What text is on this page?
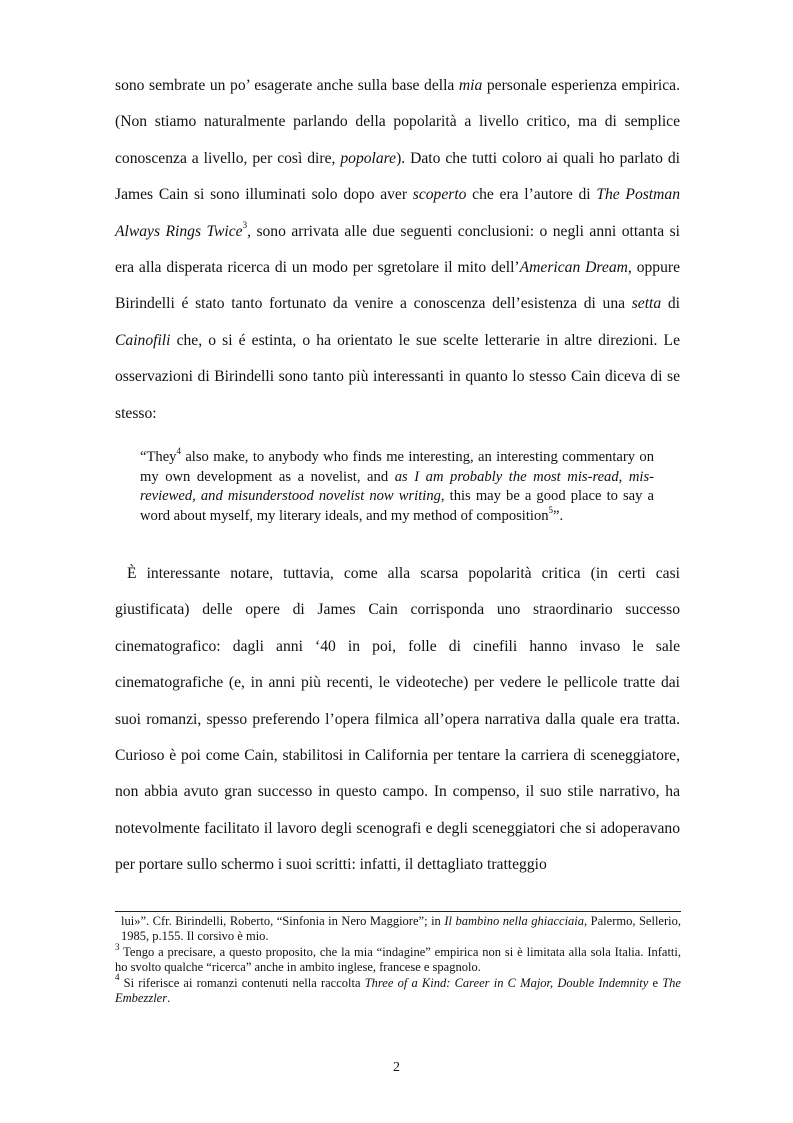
sono sembrate un po’ esagerate anche sulla base della mia personale esperienza empirica. (Non stiamo naturalmente parlando della popolarità a livello critico, ma di semplice conoscenza a livello, per così dire, popolare). Dato che tutti coloro ai quali ho parlato di James Cain si sono illuminati solo dopo aver scoperto che era l’autore di The Postman Always Rings Twice$^3$, sono arrivata alle due seguenti conclusioni: o negli anni ottanta si era alla disperata ricerca di un modo per sgretolare il mito dell’American Dream, oppure Birindelli é stato tanto fortunato da venire a conoscenza dell’esistenza di una setta di Cainofili che, o si é estinta, o ha orientato le sue scelte letterarie in altre direzioni. Le osservazioni di Birindelli sono tanto più interessanti in quanto lo stesso Cain diceva di se stesso:

“They$^4$ also make, to anybody who finds me interesting, an interesting commentary on my own development as a novelist, and as I am probably the most mis-read, mis-reviewed, and misunderstood novelist now writing, this may be a good place to say a word about myself, my literary ideals, and my method of composition$^5$”.

È interessante notare, tuttavia, come alla scarsa popolarità critica (in certi casi giustificata) delle opere di James Cain corrisponda uno straordinario successo cinematografico: dagli anni ‘40 in poi, folle di cinefili hanno invaso le sale cinematografiche (e, in anni più recenti, le videoteche) per vedere le pellicole tratte dai suoi romanzi, spesso preferendo l’opera filmica all’opera narrativa dalla quale era tratta. Curioso è poi come Cain, stabilitosi in California per tentare la carriera di sceneggiatore, non abbia avuto gran successo in questo campo. In compenso, il suo stile narrativo, ha notevolmente facilitato il lavoro degli scenografi e degli sceneggiatori che si adoperavano per portare sullo schermo i suoi scritti: infatti, il dettagliato tratteggio

lui»”. Cfr. Birindelli, Roberto, “Sinfonia in Nero Maggiore”; in Il bambino nella ghiacciaia, Palermo, Sellerio, 1985, p.155. Il corsivo è mio.
$^3$ Tengo a precisare, a questo proposito, che la mia “indagine” empirica non si è limitata alla sola Italia. Infatti, ho svolto qualche “ricerca” anche in ambito inglese, francese e spagnolo.
$^4$ Si riferisce ai romanzi contenuti nella raccolta Three of a Kind: Career in C Major, Double Indemnity e The Embezzler.
2
